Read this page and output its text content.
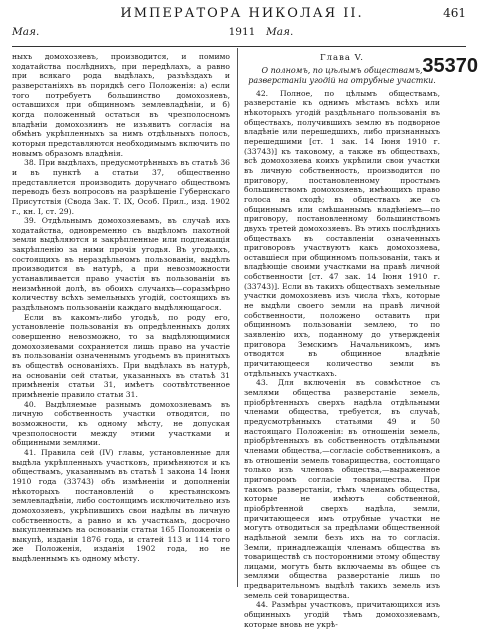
ИМПЕРАТОРА НИКОЛАЯ II.	461
Мая.	1911	Мая.
35370

ныхъ домохозяевъ, производится, и помимо ходатайства послѣднихъ, при передѣлахъ, а равно при всякаго рода выдѣлахъ, разъѣздахъ и разверстаніяхъ въ порядкѣ сего Положенія: а) если того потребуетъ большинство домохозяевъ, оставшихся при общинномъ землевладѣніи, и б) когда положенный остаться въ чрезполосномъ владѣніи домохозяинъ не изъявитъ согласія на обмѣнъ укрѣпленныхъ за нимъ отдѣльныхъ полосъ, которыя представляются необходимымъ включить по новымъ образомъ владѣнія.

38. При выдѣлахъ, предусмотрѣнныхъ въ статьѣ 36 и въ пунктѣ а статьи 37, общественно представляется производить доручнаго обществомъ переводъ безъ вопросовъ на разрѣшеніе Губернскаго Присутствія (Свода Зак. Т. IX, Особ. Прил., изд. 1902 г., кн. I, ст. 29).

39. Отдѣльнымъ домохозяевамъ, въ случаѣ ихъ ходатайства, одновременно съ выдѣломъ пахотной земли выдѣляются и закрѣпленные или подлежащія закрѣпленію за ними прочія угодья. Въ угодьяхъ, состоящихъ въ нераздѣльномъ пользованіи, выдѣлъ производится въ натурѣ, а при невозможности устанавливается право участія въ пользованіи въ неизмѣнной долѣ, въ обоихъ случаяхъ—соразмѣрно количеству всѣхъ земельныхъ угодій, состоящихъ въ раздѣльномъ пользованіи каждаго выдѣляющагося.

Если въ какомъ-либо угодьѣ, по роду его, установленіе пользованія въ опредѣленныхъ долях совершенно невозможно, то за выдѣляющимися домохозяевами сохраняется лишь право на участіе въ пользованіи означеннымъ угодьемъ въ принятыхъ въ обществѣ основаніяхъ. При выдѣлахъ въ натурѣ, на основаніи сей статьи, указанныхъ въ статьѣ 31 примѣненія статьи 31, имѣетъ соотвѣтственное примѣненіе правило статьи 31.

40. Выдѣляемые разнымъ домохозяевамъ въ личную собственность участки отводятся, по возможности, къ одному мѣсту, не допуская чрезполосности между этими участками и общинными землями.

41. Правила сей (IV) главы, установленные для выдѣла укрѣпленныхъ участковъ, примѣняются и къ обществамъ, указаннымъ въ статьѣ 1 закона 14 Іюня 1910 года (33743) объ измѣненіи и дополненіи нѣкоторыхъ постановленій о крестьянскомъ землевладѣніи, либо состоящимъ исключительно изъ домохозяевъ, укрѣпившихъ свои надѣлы въ личную собственность, а равно и къ участкамъ, досрочно выкупленнымъ на основаніи статьи 165 Положенія о выкупѣ, изданія 1876 года, и статей 113 и 114 того же Положенія, изданія 1902 года, но не выдѣленнымъ къ одному мѣсту.

Глава V.
О полномъ, по цѣлымъ обществамъ, разверстаніи угодій на отрубные участки.

42. Полное, по цѣлымъ обществамъ, разверстаніе къ однимъ мѣстамъ всѣхъ или нѣкоторыхъ угодій раздѣльнаго пользованія въ обществахъ, получившихъ землю въ подворное владѣніе или перешедшихъ, либо признанныхъ перешедшими [ст. 1 зак. 14 Іюня 1910 г. (33743)] къ таковому, а также въ обществахъ, всѣ домохозяева коихъ укрѣпили свои участки въ личную собственность, производится по приговору, постановленному простымъ большинствомъ домохозяевъ, имѣющихъ право голоса на сходѣ; въ обществахъ же съ общиннымъ или смѣшаннымъ владѣніемъ—по приговору, постановленному большинствомъ двухъ третей домохозяевъ. Въ этихъ послѣднихъ обществахъ въ составленіи означенныхъ приговоровъ участвуютъ какъ домохозяева, оставшіеся при общинномъ пользованіи, такъ и владѣющіе своими участками на правѣ личной собственности [ст. 47 зак. 14 Іюня 1910 г. (33743)]. Если въ такихъ обществахъ земельные участки домохозяевъ изъ числа тѣхъ, которые не выдѣли своего земли на правѣ личной собственности, положено оставить при общинномъ пользованіи землею, то по заявленію ихъ, поданному до утвержденія приговора Земскимъ Начальникомъ, имъ отводятся въ общинное владѣніе причитающееся количество земли въ отдѣльныхъ участкахъ.

43. Для включенія въ совмѣстное съ землями общества разверстаніе земель, пріобрѣтенныхъ сверхъ надѣла отдѣльными членами общества, требуется, въ случаѣ, предусмотрѣнныхъ статьями 49 и 50 настоящаго Положенія: въ отношеніи земель, пріобрѣтенныхъ въ собственность отдѣльными членами общества,—согласіе собственниковъ, а въ отношеніи земель товарищества, состоящаго только изъ членовъ общества,—выраженное приговоромъ согласіе товарищества. При такомъ разверстаніи, тѣмъ членамъ общества, которые не имѣютъ собственной, пріобрѣтенной сверхъ надѣла, земли, причитающееся имъ отрубные участки не могутъ отводиться за предѣлами общественной надѣльной земли безъ ихъ на то согласія. Земли, принадлежащія членамъ общества въ товариществѣ съ посторонними этому обществу лицами, могутъ быть включаемы въ общее съ землями общества разверстаніе лишь по предварительномъ выдѣлѣ такихъ земель изъ земель сей товарищества.

44. Размѣры участковъ, причитающихся изъ общинныхъ угодій тѣмъ домохозяевамъ, которые вновь не укрѣ-
